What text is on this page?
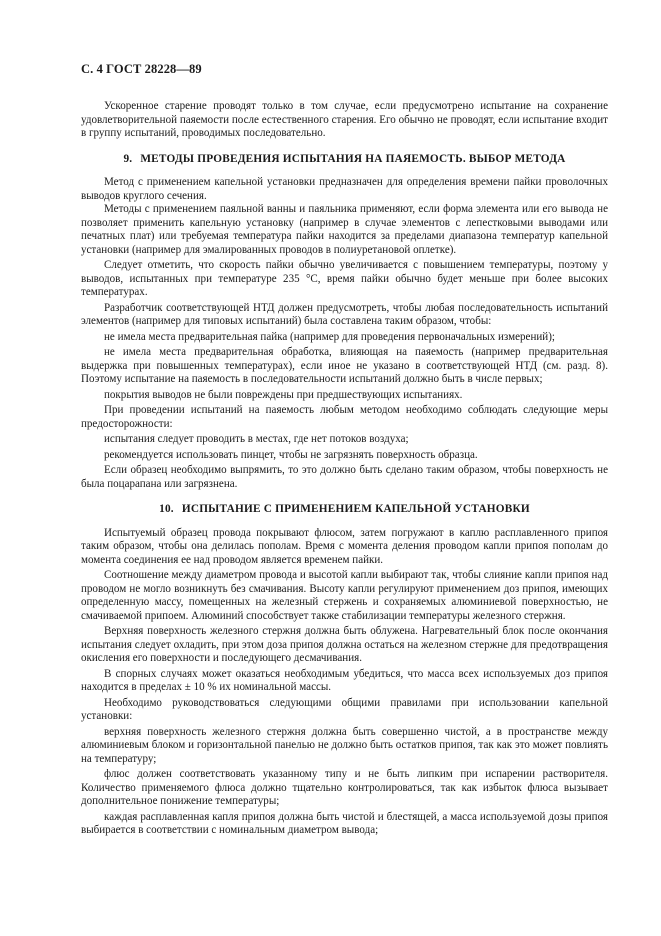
С. 4 ГОСТ 28228—89

Ускоренное старение проводят только в том случае, если предусмотрено испытание на сохранение удовлетворительной паяемости после естественного старения. Его обычно не проводят, если испытание входит в группу испытаний, проводимых последовательно.

9. МЕТОДЫ ПРОВЕДЕНИЯ ИСПЫТАНИЯ НА ПАЯЕМОСТЬ. ВЫБОР МЕТОДА

Метод с применением капельной установки предназначен для определения времени пайки проволочных выводов круглого сечения.

Методы с применением паяльной ванны и паяльника применяют, если форма элемента или его вывода не позволяет применить капельную установку (например в случае элементов с лепестковыми выводами или печатных плат) или требуемая температура пайки находится за пределами диапазона температур капельной установки (например для эмалированных проводов в полиуретановой оплетке).

Следует отметить, что скорость пайки обычно увеличивается с повышением температуры, поэтому у выводов, испытанных при температуре 235 °С, время пайки обычно будет меньше при более высоких температурах.

Разработчик соответствующей НТД должен предусмотреть, чтобы любая последовательность испытаний элементов (например для типовых испытаний) была составлена таким образом, чтобы:

не имела места предварительная пайка (например для проведения первоначальных измерений);

не имела места предварительная обработка, влияющая на паяемость (например предварительная выдержка при повышенных температурах), если иное не указано в соответствующей НТД (см. разд. 8). Поэтому испытание на паяемость в последовательности испытаний должно быть в числе первых;

покрытия выводов не были повреждены при предшествующих испытаниях.

При проведении испытаний на паяемость любым методом необходимо соблюдать следующие меры предосторожности:

испытания следует проводить в местах, где нет потоков воздуха;

рекомендуется использовать пинцет, чтобы не загрязнять поверхность образца.

Если образец необходимо выпрямить, то это должно быть сделано таким образом, чтобы поверхность не была поцарапана или загрязнена.

10. ИСПЫТАНИЕ С ПРИМЕНЕНИЕМ КАПЕЛЬНОЙ УСТАНОВКИ

Испытуемый образец провода покрывают флюсом, затем погружают в каплю расплавленного припоя таким образом, чтобы она делилась пополам. Время с момента деления проводом капли припоя пополам до момента соединения ее над проводом является временем пайки.

Соотношение между диаметром провода и высотой капли выбирают так, чтобы слияние капли припоя над проводом не могло возникнуть без смачивания. Высоту капли регулируют применением доз припоя, имеющих определенную массу, помещенных на железный стержень и сохраняемых алюминиевой поверхностью, не смачиваемой припоем. Алюминий способствует также стабилизации температуры железного стержня.

Верхняя поверхность железного стержня должна быть облужена. Нагревательный блок после окончания испытания следует охладить, при этом доза припоя должна остаться на железном стержне для предотвращения окисления его поверхности и последующего десмачивания.

В спорных случаях может оказаться необходимым убедиться, что масса всех используемых доз припоя находится в пределах ± 10 % их номинальной массы.

Необходимо руководствоваться следующими общими правилами при использовании капельной установки:

верхняя поверхность железного стержня должна быть совершенно чистой, а в пространстве между алюминиевым блоком и горизонтальной панелью не должно быть остатков припоя, так как это может повлиять на температуру;

флюс должен соответствовать указанному типу и не быть липким при испарении растворителя. Количество применяемого флюса должно тщательно контролироваться, так как избыток флюса вызывает дополнительное понижение температуры;

каждая расплавленная капля припоя должна быть чистой и блестящей, а масса используемой дозы припоя выбирается в соответствии с номинальным диаметром вывода;
